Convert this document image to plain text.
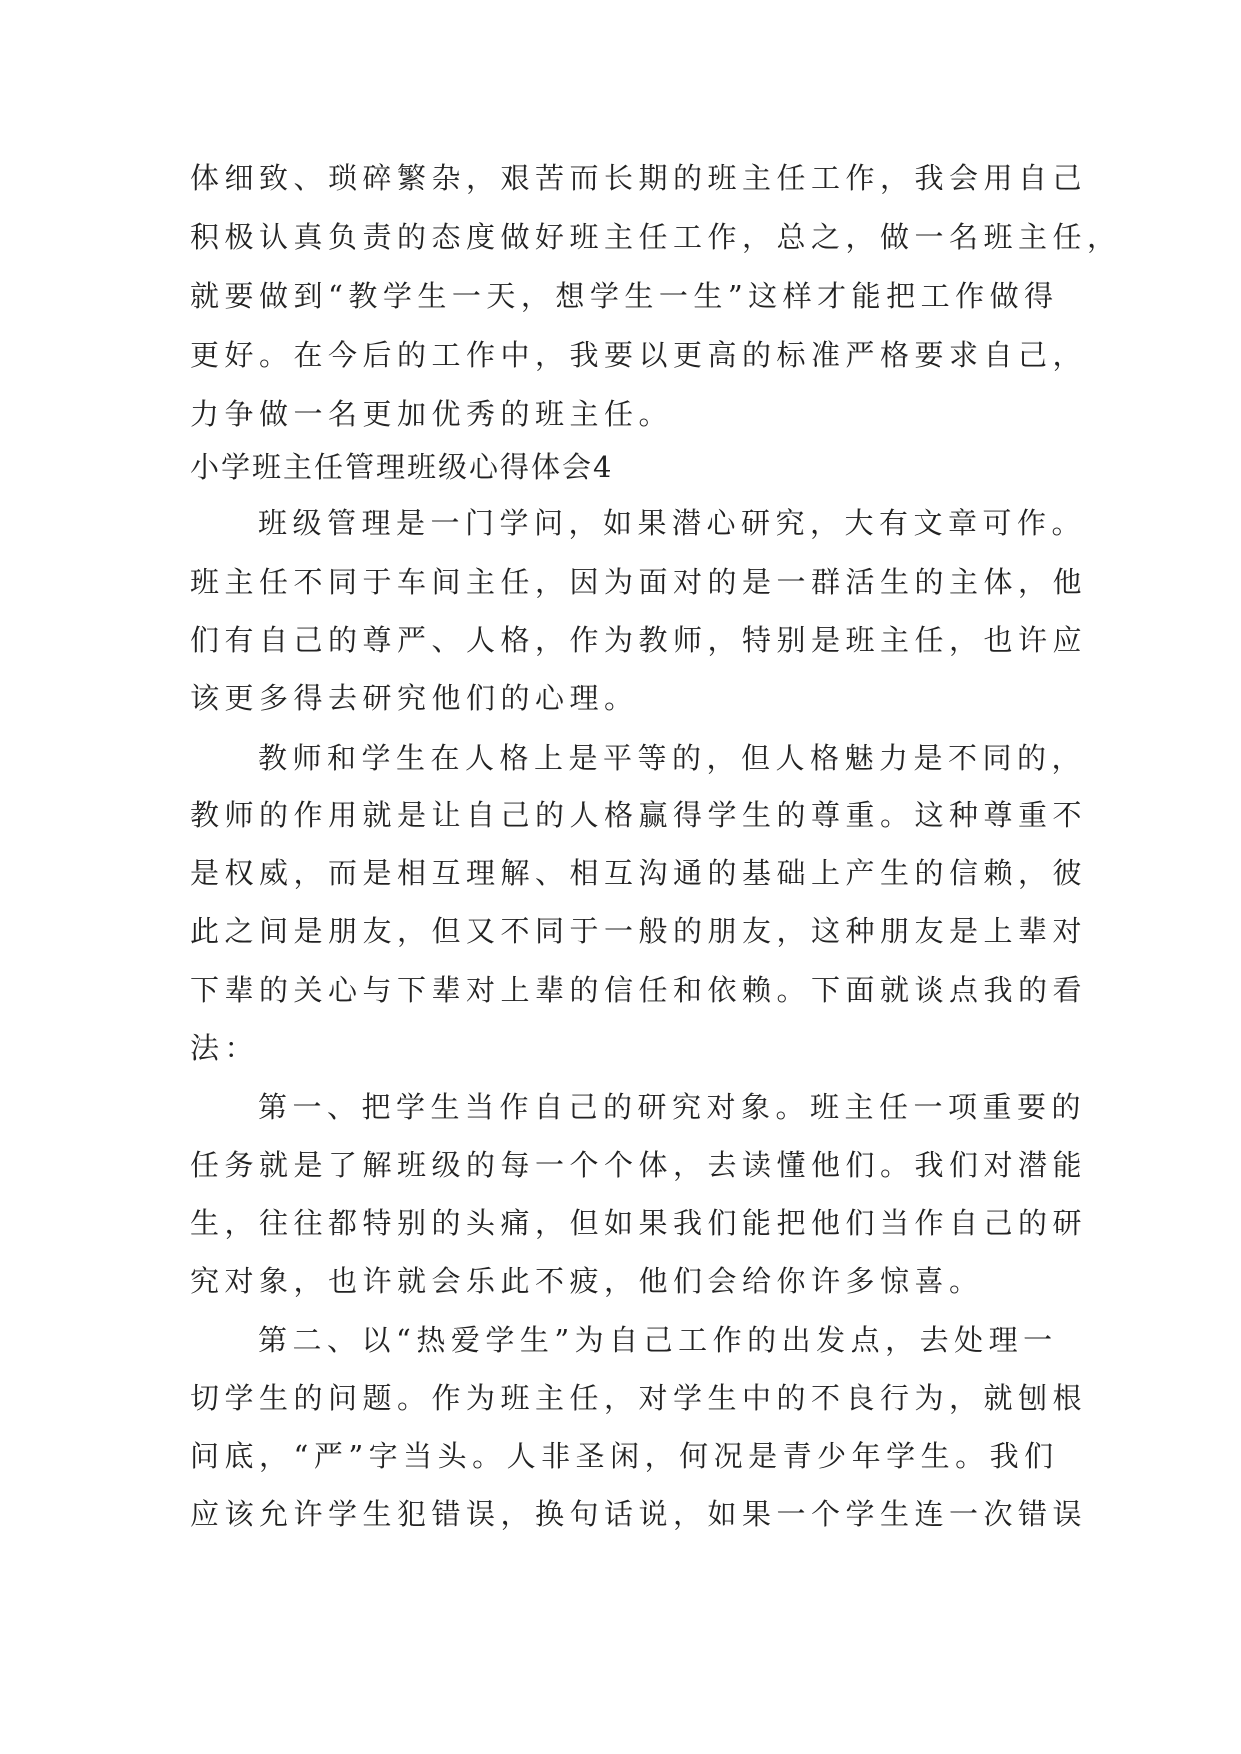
体细致、琐碎繁杂，艰苦而长期的班主任工作，我会用自己
积极认真负责的态度做好班主任工作，总之，做一名班主任，
就要做到“教学生一天，想学生一生”这样才能把工作做得
更好。在今后的工作中，我要以更高的标准严格要求自己，
力争做一名更加优秀的班主任。
小学班主任管理班级心得体会4
班级管理是一门学问，如果潜心研究，大有文章可作。
班主任不同于车间主任，因为面对的是一群活生的主体，他
们有自己的尊严、人格，作为教师，特别是班主任，也许应
该更多得去研究他们的心理。
教师和学生在人格上是平等的，但人格魅力是不同的，
教师的作用就是让自己的人格赢得学生的尊重。这种尊重不
是权威，而是相互理解、相互沟通的基础上产生的信赖，彼
此之间是朋友，但又不同于一般的朋友，这种朋友是上辈对
下辈的关心与下辈对上辈的信任和依赖。下面就谈点我的看
法：
第一、把学生当作自己的研究对象。班主任一项重要的
任务就是了解班级的每一个个体，去读懂他们。我们对潜能
生，往往都特别的头痛，但如果我们能把他们当作自己的研
究对象，也许就会乐此不疲，他们会给你许多惊喜。
第二、以“热爱学生”为自己工作的出发点，去处理一
切学生的问题。作为班主任，对学生中的不良行为，就刨根
问底，“严”字当头。人非圣闲，何况是青少年学生。我们
应该允许学生犯错误，换句话说，如果一个学生连一次错误
